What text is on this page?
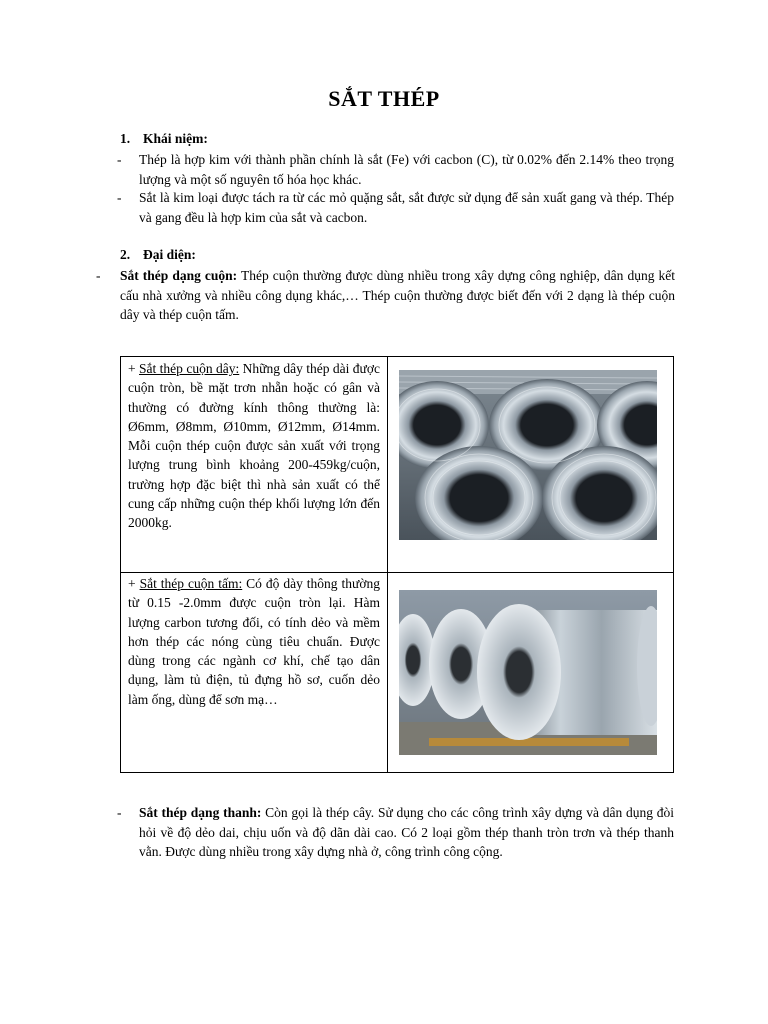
SẮT THÉP
1. Khái niệm:
- Thép là hợp kim với thành phần chính là sắt (Fe) với cacbon (C), từ 0.02% đến 2.14% theo trọng lượng và một số nguyên tố hóa học khác.
- Sắt là kim loại được tách ra từ các mỏ quặng sắt, sắt được sử dụng để sản xuất gang và thép. Thép và gang đều là hợp kim của sắt và cacbon.
2. Đại diện:
- Sắt thép dạng cuộn: Thép cuộn thường được dùng nhiều trong xây dựng công nghiệp, dân dụng kết cấu nhà xưởng và nhiều công dụng khác,… Thép cuộn thường được biết đến với 2 dạng là thép cuộn dây và thép cuộn tấm.
+ Sắt thép cuộn dây: Những dây thép dài được cuộn tròn, bề mặt trơn nhẵn hoặc có gân và thường có đường kính thông thường là: Ø6mm, Ø8mm, Ø10mm, Ø12mm, Ø14mm. Mỗi cuộn thép cuộn được sản xuất với trọng lượng trung bình khoảng 200-459kg/cuộn, trường hợp đặc biệt thì nhà sản xuất có thể cung cấp những cuộn thép khối lượng lớn đến 2000kg.
+ Sắt thép cuộn tấm: Có độ dày thông thường từ 0.15 -2.0mm được cuộn tròn lại. Hàm lượng carbon tương đối, có tính dẻo và mềm hơn thép các nóng cùng tiêu chuẩn. Được dùng trong các ngành cơ khí, chế tạo dân dụng, làm tủ điện, tủ đựng hồ sơ, cuốn dẻo làm ống, dùng để sơn mạ…
- Sắt thép dạng thanh: Còn gọi là thép cây. Sử dụng cho các công trình xây dựng và dân dụng đòi hỏi về độ dẻo dai, chịu uốn và độ dãn dài cao. Có 2 loại gồm thép thanh tròn trơn và thép thanh vằn. Được dùng nhiều trong xây dựng nhà ở, công trình công cộng.
